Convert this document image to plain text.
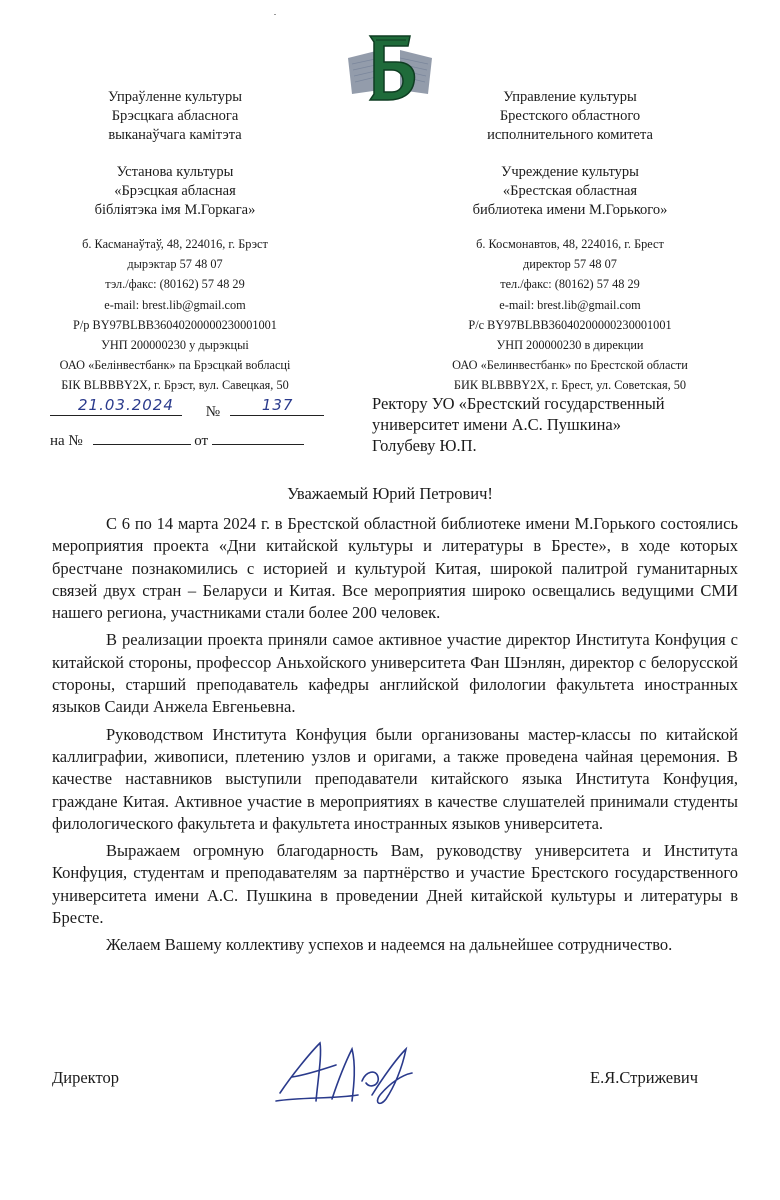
Упраўленне культуры
Брэсцкага абласнога
выканаўчага камітэта
Установа культуры
«Брэсцкая абласная
бібліятэка імя М.Горкага»
б. Касманаўтаў, 48, 224016, г. Брэст
дырэктар 57 48 07
тэл./факс: (80162) 57 48 29
e-mail: brest.lib@gmail.com
Р/р BY97BLBB36040200000230001001
УНП 200000230 у дырэкцыі
ОАО «Белінвестбанк» па Брэсцкай вобласці
БІК BLBBBY2X, г. Брэст, вул. Савецкая, 50
Управление культуры
Брестского областного
исполнительного комитета
Учреждение культуры
«Брестская областная
библиотека имени М.Горького»
б. Космонавтов, 48, 224016, г. Брест
директор 57 48 07
тел./факс: (80162) 57 48 29
e-mail: brest.lib@gmail.com
Р/с BY97BLBB36040200000230001001
УНП 200000230 в дирекции
ОАО «Белинвестбанк» по Брестской области
БИК BLBBBY2X, г. Брест, ул. Советская, 50
21.03.2024 №	137
на №	от
Ректору УО «Брестский государственный
университет имени А.С. Пушкина»
Голубеву Ю.П.
Уважаемый Юрий Петрович!

С 6 по 14 марта 2024 г. в Брестской областной библиотеке имени М.Горького состоялись мероприятия проекта «Дни китайской культуры и литературы в Бресте», в ходе которых брестчане познакомились с историей и культурой Китая, широкой палитрой гуманитарных связей двух стран – Беларуси и Китая. Все мероприятия широко освещались ведущими СМИ нашего региона, участниками стали более 200 человек.

В реализации проекта приняли самое активное участие директор Института Конфуция с китайской стороны, профессор Аньхойского университета Фан Шэнлян, директор с белорусской стороны, старший преподаватель кафедры английской филологии факультета иностранных языков Саиди Анжела Евгеньевна.

Руководством Института Конфуция были организованы мастер-классы по китайской каллиграфии, живописи, плетению узлов и оригами, а также проведена чайная церемония. В качестве наставников выступили преподаватели китайского языка Института Конфуция, граждане Китая. Активное участие в мероприятиях в качестве слушателей принимали студенты филологического факультета и факультета иностранных языков университета.

Выражаем огромную благодарность Вам, руководству университета и Института Конфуция, студентам и преподавателям за партнёрство и участие Брестского государственного университета имени А.С. Пушкина в проведении Дней китайской культуры и литературы в Бресте.

Желаем Вашему коллективу успехов и надеемся на дальнейшее сотрудничество.

Директор	Е.Я.Стрижевич
